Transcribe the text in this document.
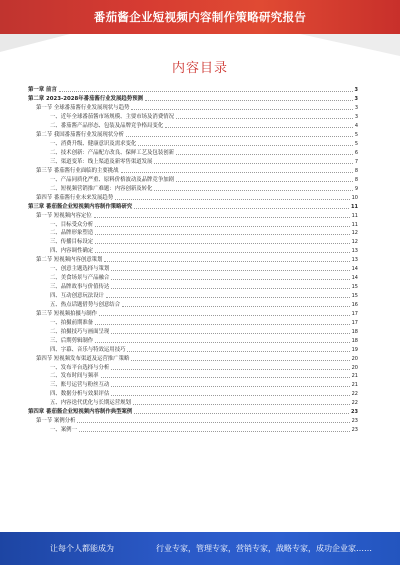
番茄酱企业短视频内容制作策略研究报告
内容目录
第一章 前言	3
第二章 2023-2028年番茄酱行业发展趋势预测	3
第一节 全球番茄酱行业发展现状与趋势	3
一、近年全球番茄酱市场规模、主要市场及消费情况	3
二、番茄酱产品形态、包装及品牌竞争格局变化	4
第二节 我国番茄酱行业发展现状分析	5
一、消费升级、健康意识及需求变化	5
二、技术创新：产品配方改良、保鲜工艺及包装创新	6
三、渠道变革：线上渠道及新零售渠道发展	7
第三节 番茄酱行业面临的主要挑战	8
一、产品同质化严重、原料价格波动及品牌竞争加剧	8
二、短视频营销推广难题：内容创新及转化	9
第四节 番茄酱行业未来发展趋势	10
第三章 番茄酱企业短视频内容制作策略研究	11
第一节 短视频内容定位	11
一、目标受众分析	11
二、品牌形象塑造	12
三、传播目标设定	12
四、内容调性确定	13
第二节 短视频内容创意策划	13
一、创意主题选择与策划	14
二、美食场景与产品融合	14
三、品牌故事与价值传达	15
四、互动创意玩法设计	15
五、热点话题借势与创意结合	16
第三节 短视频拍摄与制作	17
一、拍摄前期准备	17
二、拍摄技巧与画面呈现	18
三、后期剪辑制作	18
四、字幕、音乐与特效运用技巧	19
第四节 短视频发布渠道及运营推广策略	20
一、发布平台选择与分析	20
二、发布时间与频率	21
三、账号运营与粉丝互动	21
四、数据分析与效果评估	22
五、内容迭代优化与长期运营规划	22
第四章 番茄酱企业短视频内容制作典型案例	23
第一节 案例分析	23
一、案例一	23
让每个人都能成为	行业专家，管理专家，营销专家，战略专家，成功企业家……
